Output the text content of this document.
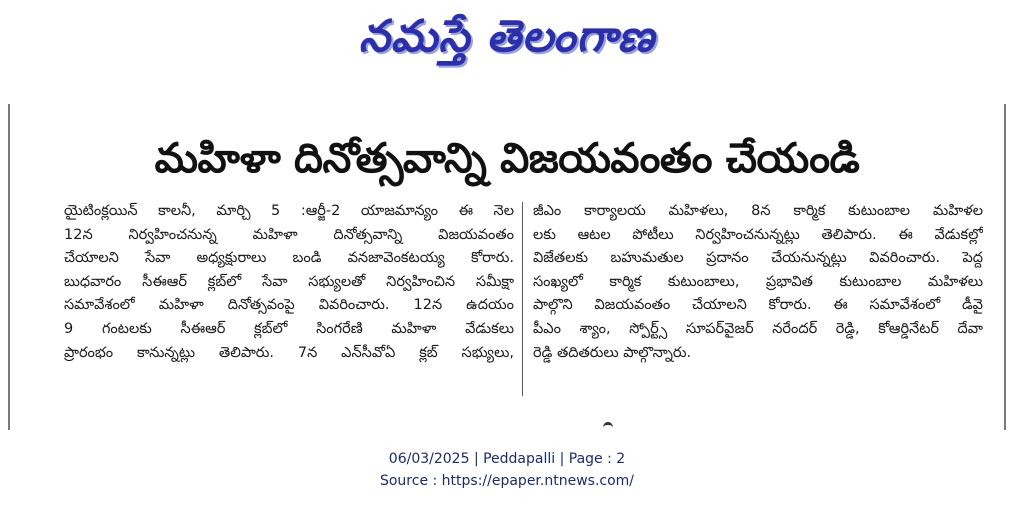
నమస్తే తెలంగాణ
మహిళా దినోత్సవాన్ని విజయవంతం చేయండి
యైటింక్లయిన్ కాలనీ, మార్చి 5 :ఆర్జీ-2 యాజమాన్యం ఈ నెల
12న నిర్వహించనున్న మహిళా దినోత్సవాన్ని విజయవంతం
చేయాలని సేవా అధ్యక్షురాలు బండి వనజావెంకటయ్య కోరారు.
బుధవారం సీఈఆర్ క్లబ్‌లో సేవా సభ్యులతో నిర్వహించిన సమీక్షా
సమావేశంలో మహిళా దినోత్సవంపై వివరించారు. 12న ఉదయం
9 గంటలకు సీఈఆర్ క్లబ్‌లో సింగరేణి మహిళా వేడుకలు
ప్రారంభం కానున్నట్లు తెలిపారు. 7న ఎన్‌సీవోఏ క్లబ్ సభ్యులు,
జీఎం కార్యాలయ మహిళలు, 8న కార్మిక కుటుంబాల మహిళల
లకు ఆటల పోటీలు నిర్వహించనున్నట్లు తెలిపారు. ఈ వేడుకల్లో
విజేతలకు బహుమతుల ప్రదానం చేయనున్నట్లు వివరించారు. పెద్ద
సంఖ్యలో కార్మిక కుటుంబాలు, ప్రభావిత కుటుంబాల మహిళలు
పాల్గొని విజయవంతం చేయాలని కోరారు. ఈ సమావేశంలో డీవై
పీఎం శ్యాం, స్పోర్ట్స్ సూపర్‌వైజర్ నరేందర్ రెడ్డి, కోఆర్డినేటర్ దేవా
రెడ్డి తదితరులు పాల్గొన్నారు.
06/03/2025 | Peddapalli | Page : 2
Source : https://epaper.ntnews.com/
